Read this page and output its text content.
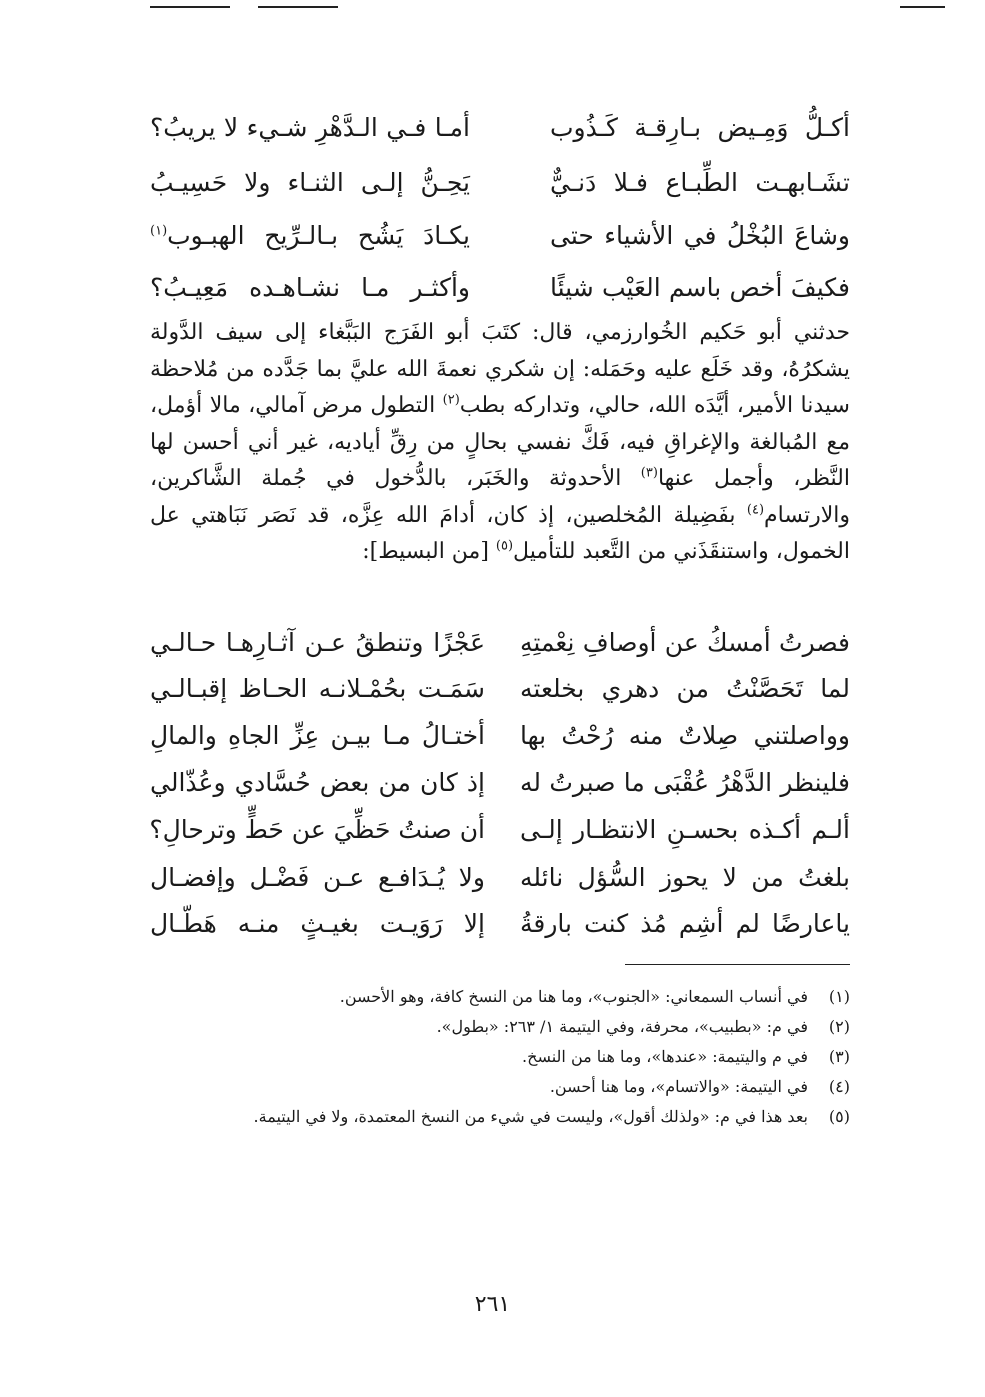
أكـلُّ وَمِـيض بـارِقـة كَـذُوب
أمـا فـي الـدَّهْرِ شـيء لا يريبُ؟
تشَـابهـت الطِّبـاع فـلا دَنـيٌّ
يَحِـنُّ إلـى الثنـاء ولا حَسِيـبُ
وشاعَ البُخْلُ في الأشياء حتى
يكـادَ يَشُح بـالـرِّيح الهبـوب$^{(١)}$
فكيفَ أخص باسم العَيْب شيئًا
وأكثـر مـا نشـاهـده مَعِيـبُ؟
حدثني أبو حَكيم الخُوارزمي، قال: كتَبَ أبو الفَرَج البَبَّغاء إلى سيف الدَّولة يشكرُهُ، وقد خَلَع عليه وحَمَله: إن شكري نعمةَ الله عليَّ بما جَدَّده من مُلاحظة سيدنا الأمير، أيَّدَه الله، حالي، وتداركه بطب$^{(٢)}$ التطول مرض آمالي، مالا أؤمل، مع المُبالغة والإغراقِ فيه، فَكَّ نفسي بحالٍ من رِقِّ أياديه، غير أني أحسن لها النَّظر، وأجمل عنها$^{(٣)}$ الأحدوثة والخَبَر، بالدُّخول في جُملة الشَّاكرين، والارتسام$^{(٤)}$ بفَضِيلة المُخلصين، إذ كان، أدامَ الله عِزَّه، قد نَصَر نَبَاهتي عل الخمول، واستنقَذَني من التَّعبد للتأميل$^{(٥)}$ [من البسيط]:
فصرتُ أمسكُ عن أوصافِ نِعْمتِهِ
عَجْزًا وتنطقُ عـن آثـارِهـا حـالـي
لما تَحَصَّنْتُ من دهري بخلعته
سَمَـت بحُمْـلانـه الحـاظ إقبـالـي
وواصلتني صِلاتٌ منه رُحْتُ بها
أختـالُ مـا بيـن عِزِّ الجاهِ والمالِ
فلينظر الدَّهْرُ عُقْبَى ما صبرتُ له
إذ كان من بعض حُسَّادي وعُذّالي
ألـم أكـذه بحسـنِ الانتظـار إلـى
أن صنتُ حَظِّيَ عن حَطٍّ وترحالِ؟
بلغتُ من لا يحوز السُّؤل نائله
ولا يُـدَافـع عـن فَضْـل وإفضـال
ياعارضًا لم أشِم مُذ كنت بارقةُ
إلا رَوَيـت بغيـثٍ منـه هَطّـال
(١)
في أنساب السمعاني: «الجنوب»، وما هنا من النسخ كافة، وهو الأحسن.
(٢)
في م: «بطبيب»، محرفة، وفي اليتيمة ١/ ٢٦٣: «بطول».
(٣)
في م واليتيمة: «عندها»، وما هنا من النسخ.
(٤)
في اليتيمة: «والاتسام»، وما هنا أحسن.
(٥)
بعد هذا في م: «ولذلك أقول»، وليست في شيء من النسخ المعتمدة، ولا في اليتيمة.
٢٦١
